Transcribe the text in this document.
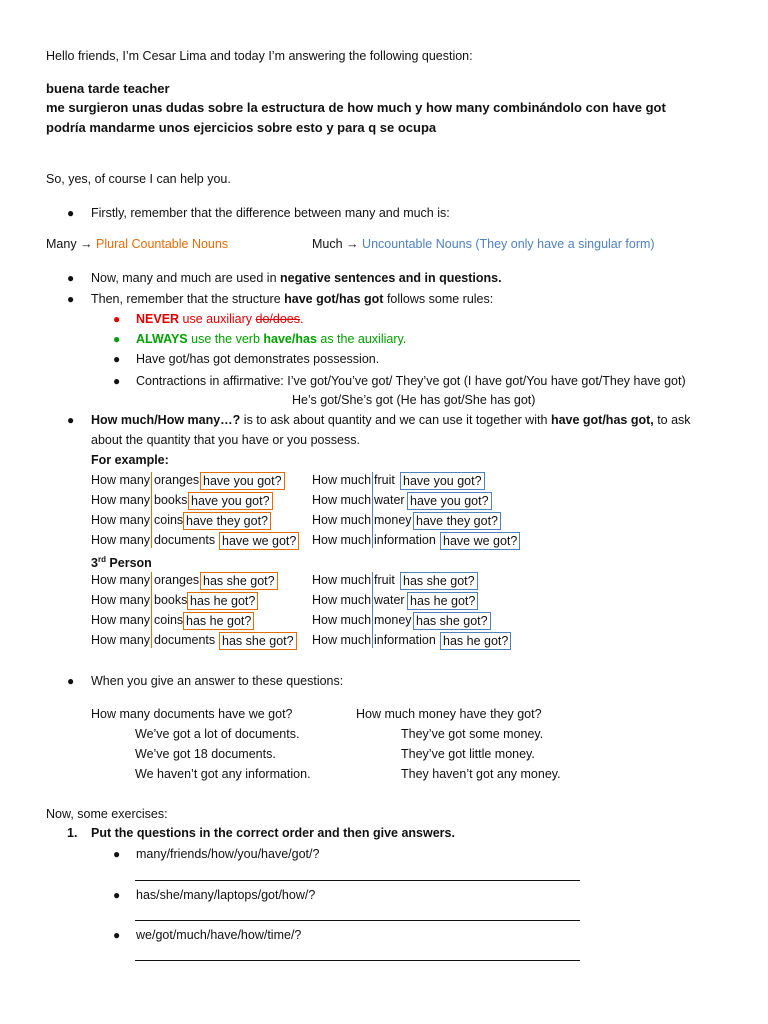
Hello friends, I’m Cesar Lima and today I’m answering the following question:
buena tarde teacher
me surgieron unas dudas sobre la estructura de how much y how many combinándolo con have got
podría mandarme unos ejercicios sobre esto y para q se ocupa
So, yes, of course I can help you.
● Firstly, remember that the difference between many and much is:
Many → Plural Countable Nouns	Much → Uncountable Nouns (They only have a singular form)
● Now, many and much are used in negative sentences and in questions.
● Then, remember that the structure have got/has got follows some rules:
● NEVER use auxiliary do/does.
● ALWAYS use the verb have/has as the auxiliary.
● Have got/has got demonstrates possession.
● Contractions in affirmative: I’ve got/You’ve got/ They’ve got (I have got/You have got/They have got)
He’s got/She’s got (He has got/She has got)
● How much/How many…? is to ask about quantity and we can use it together with have got/has got, to ask
about the quantity that you have or you possess.
For example:
How many oranges have you got?
How many books have you got?
How many coins have they got?
How many documents have we got?
How much fruit have you got?
How much water have you got?
How much money have they got?
How much information have we got?
3rd Person
How many oranges has she got?
How many books has he got?
How many coins has he got?
How many documents has she got?
How much fruit has she got?
How much water has he got?
How much money has she got?
How much information has he got?
● When you give an answer to these questions:
How many documents have we got?	How much money have they got?
We’ve got a lot of documents.
We’ve got 18 documents.
We haven’t got any information.
They’ve got some money.
They’ve got little money.
They haven’t got any money.
Now, some exercises:
1. Put the questions in the correct order and then give answers.
● many/friends/how/you/have/got/?
● has/she/many/laptops/got/how/?
● we/got/much/have/how/time/?
